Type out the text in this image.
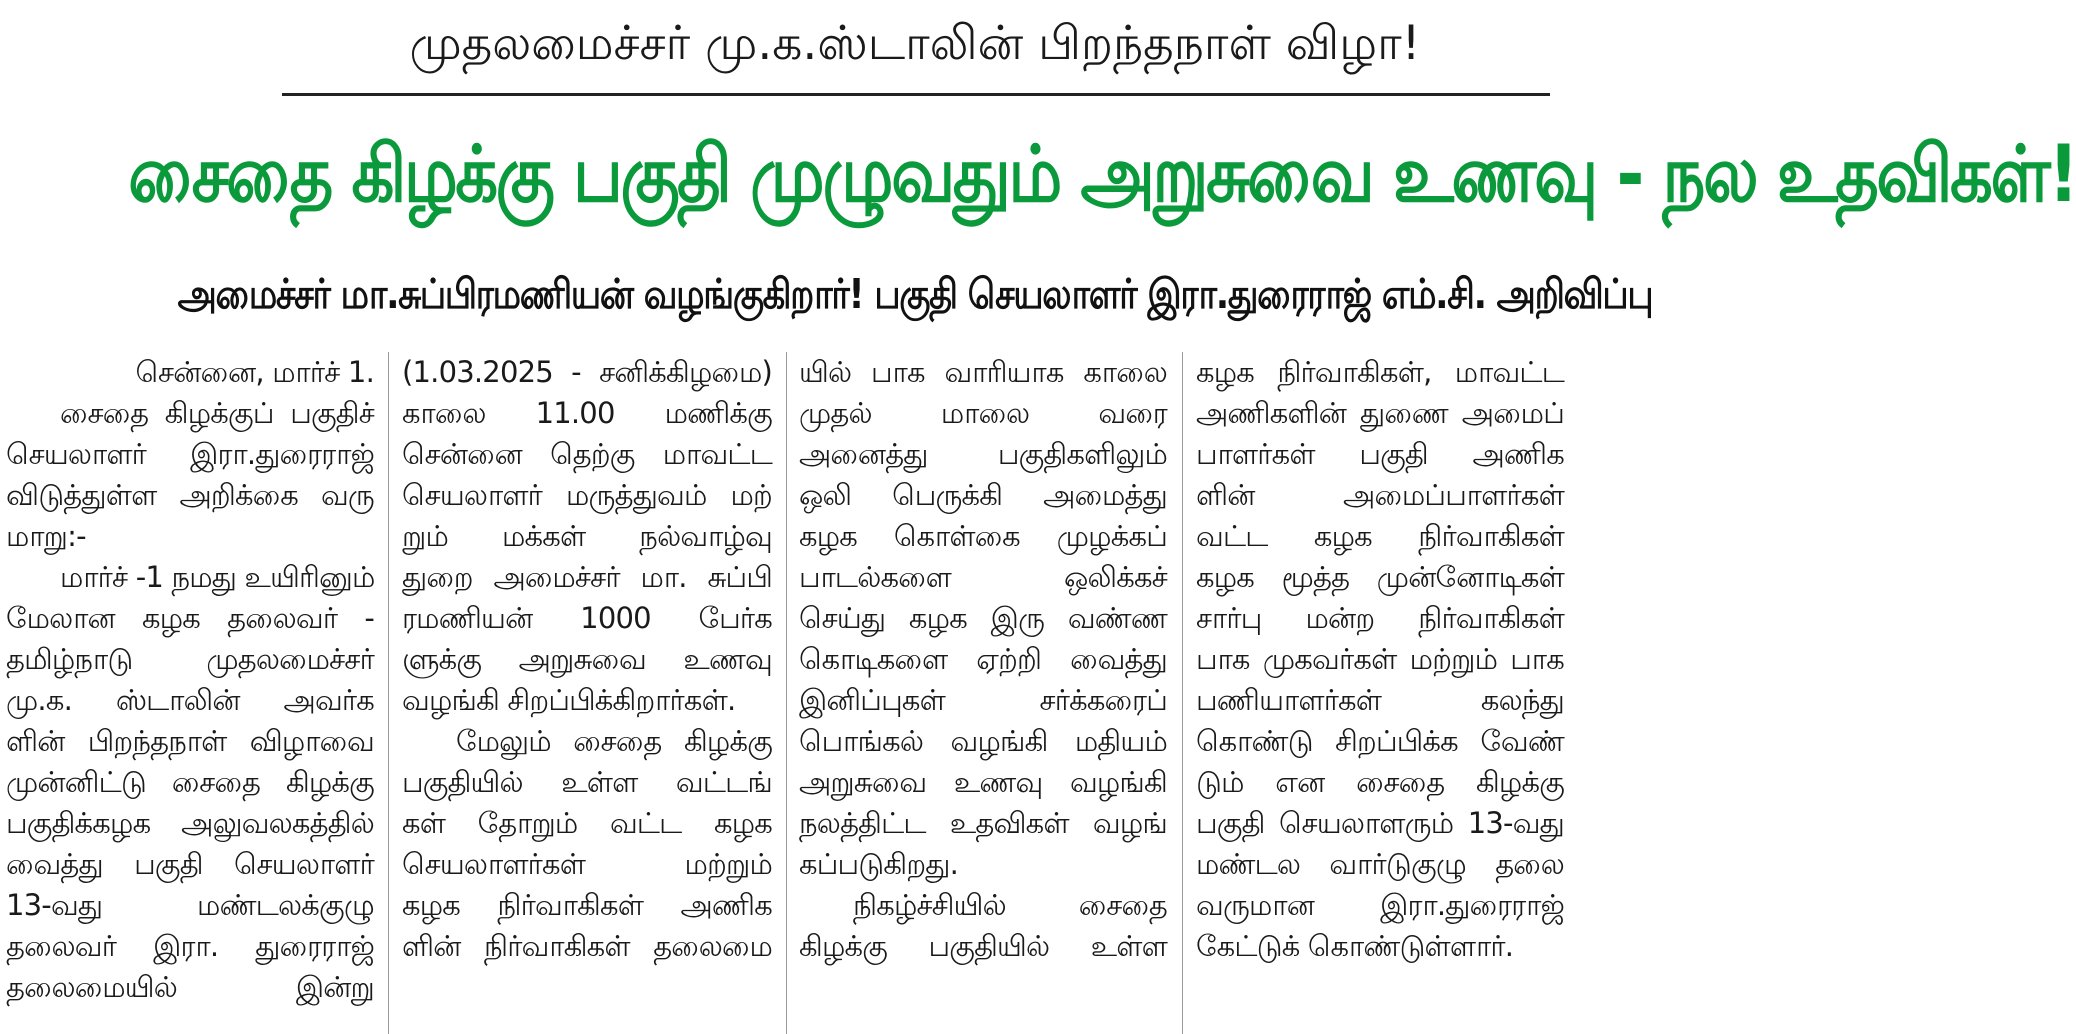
முதலமைச்சர் மு.க.ஸ்டாலின் பிறந்தநாள் விழா!
சைதை கிழக்கு பகுதி முழுவதும் அறுசுவை உணவு - நல உதவிகள்!
அமைச்சர் மா.சுப்பிரமணியன் வழங்குகிறார்! பகுதி செயலாளர் இரா.துரைராஜ் எம்.சி. அறிவிப்பு
சென்னை, மார்ச் 1.
சைதை கிழக்குப் பகுதிச்
செயலாளர் இரா.துரைராஜ்
விடுத்துள்ள அறிக்கை வரு
மாறு:-
மார்ச் -1 நமது உயிரினும்
மேலான கழக தலைவர் -
தமிழ்நாடு முதலமைச்சர்
மு.க. ஸ்டாலின் அவர்க
ளின் பிறந்தநாள் விழாவை
முன்னிட்டு சைதை கிழக்கு
பகுதிக்கழக அலுவலகத்தில்
வைத்து பகுதி செயலாளர்
13-வது மண்டலக்குழு
தலைவர் இரா. துரைராஜ்
தலைமையில் இன்று
(1.03.2025 - சனிக்கிழமை)
காலை 11.00 மணிக்கு
சென்னை தெற்கு மாவட்ட
செயலாளர் மருத்துவம் மற்
றும் மக்கள் நல்வாழ்வு
துறை அமைச்சர் மா. சுப்பி
ரமணியன் 1000 பேர்க
ளுக்கு அறுசுவை உணவு
வழங்கி சிறப்பிக்கிறார்கள்.
மேலும் சைதை கிழக்கு
பகுதியில் உள்ள வட்டங்
கள் தோறும் வட்ட கழக
செயலாளர்கள் மற்றும்
கழக நிர்வாகிகள் அணிக
ளின் நிர்வாகிகள் தலைமை
யில் பாக வாரியாக காலை
முதல் மாலை வரை
அனைத்து பகுதிகளிலும்
ஒலி பெருக்கி அமைத்து
கழக கொள்கை முழக்கப்
பாடல்களை ஒலிக்கச்
செய்து கழக இரு வண்ண
கொடிகளை ஏற்றி வைத்து
இனிப்புகள் சர்க்கரைப்
பொங்கல் வழங்கி மதியம்
அறுசுவை உணவு வழங்கி
நலத்திட்ட உதவிகள் வழங்
கப்படுகிறது.
நிகழ்ச்சியில் சைதை
கிழக்கு பகுதியில் உள்ள
கழக நிர்வாகிகள், மாவட்ட
அணிகளின் துணை அமைப்
பாளர்கள் பகுதி அணிக
ளின் அமைப்பாளர்கள்
வட்ட கழக நிர்வாகிகள்
கழக மூத்த முன்னோடிகள்
சார்பு மன்ற நிர்வாகிகள்
பாக முகவர்கள் மற்றும் பாக
பணியாளர்கள் கலந்து
கொண்டு சிறப்பிக்க வேண்
டும் என சைதை கிழக்கு
பகுதி செயலாளரும் 13-வது
மண்டல வார்டுகுழு தலை
வருமான இரா.துரைராஜ்
கேட்டுக் கொண்டுள்ளார்.
